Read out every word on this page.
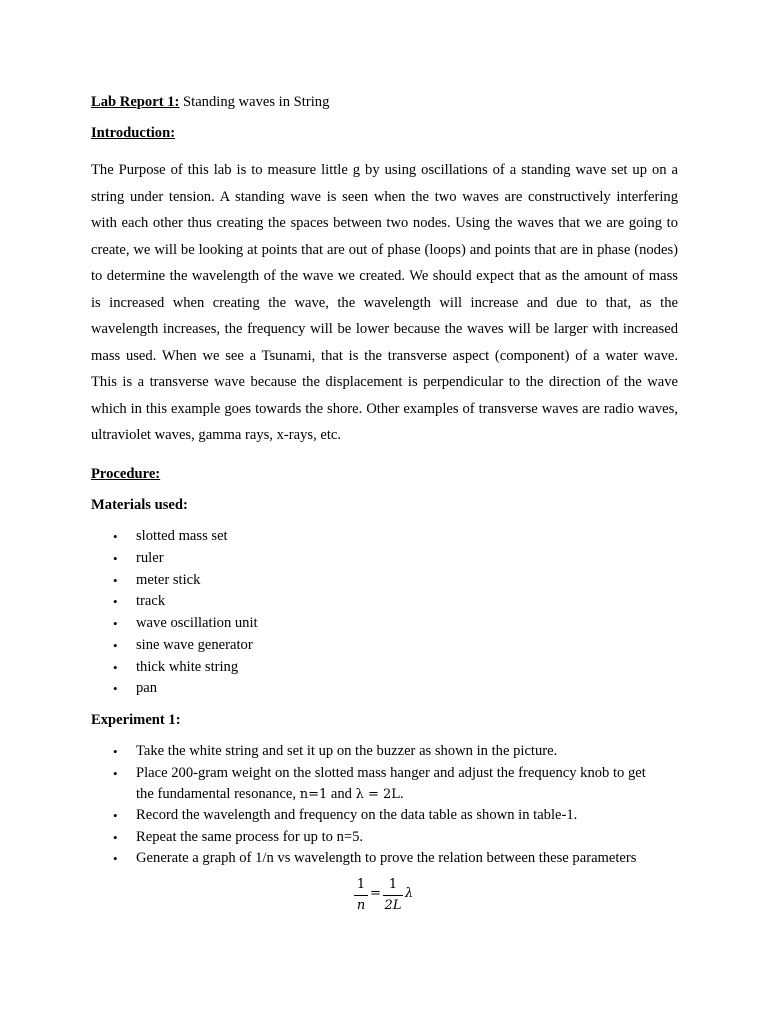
Lab Report 1: Standing waves in String
Introduction:
The Purpose of this lab is to measure little g by using oscillations of a standing wave set up on a
string under tension. A standing wave is seen when the two waves are constructively interfering
with each other thus creating the spaces between two nodes. Using the waves that we are going to
create, we will be looking at points that are out of phase (loops) and points that are in phase (nodes)
to determine the wavelength of the wave we created. We should expect that as the amount of mass
is increased when creating the wave, the wavelength will increase and due to that, as the
wavelength increases, the frequency will be lower because the waves will be larger with increased
mass used. When we see a Tsunami, that is the transverse aspect (component) of a water wave.
This is a transverse wave because the displacement is perpendicular to the direction of the wave
which in this example goes towards the shore. Other examples of transverse waves are radio waves,
ultraviolet waves, gamma rays, x-rays, etc.
Procedure:
Materials used:
• slotted mass set
• ruler
• meter stick
• track
• wave oscillation unit
• sine wave generator
• thick white string
• pan
Experiment 1:
• Take the white string and set it up on the buzzer as shown in the picture.
• Place 200-gram weight on the slotted mass hanger and adjust the frequency knob to get
the fundamental resonance, n=1 and λ = 2L.
• Record the wavelength and frequency on the data table as shown in table-1.
• Repeat the same process for up to n=5.
• Generate a graph of 1/n vs wavelength to prove the relation between these parameters
1
n
=
1
2L
λ
